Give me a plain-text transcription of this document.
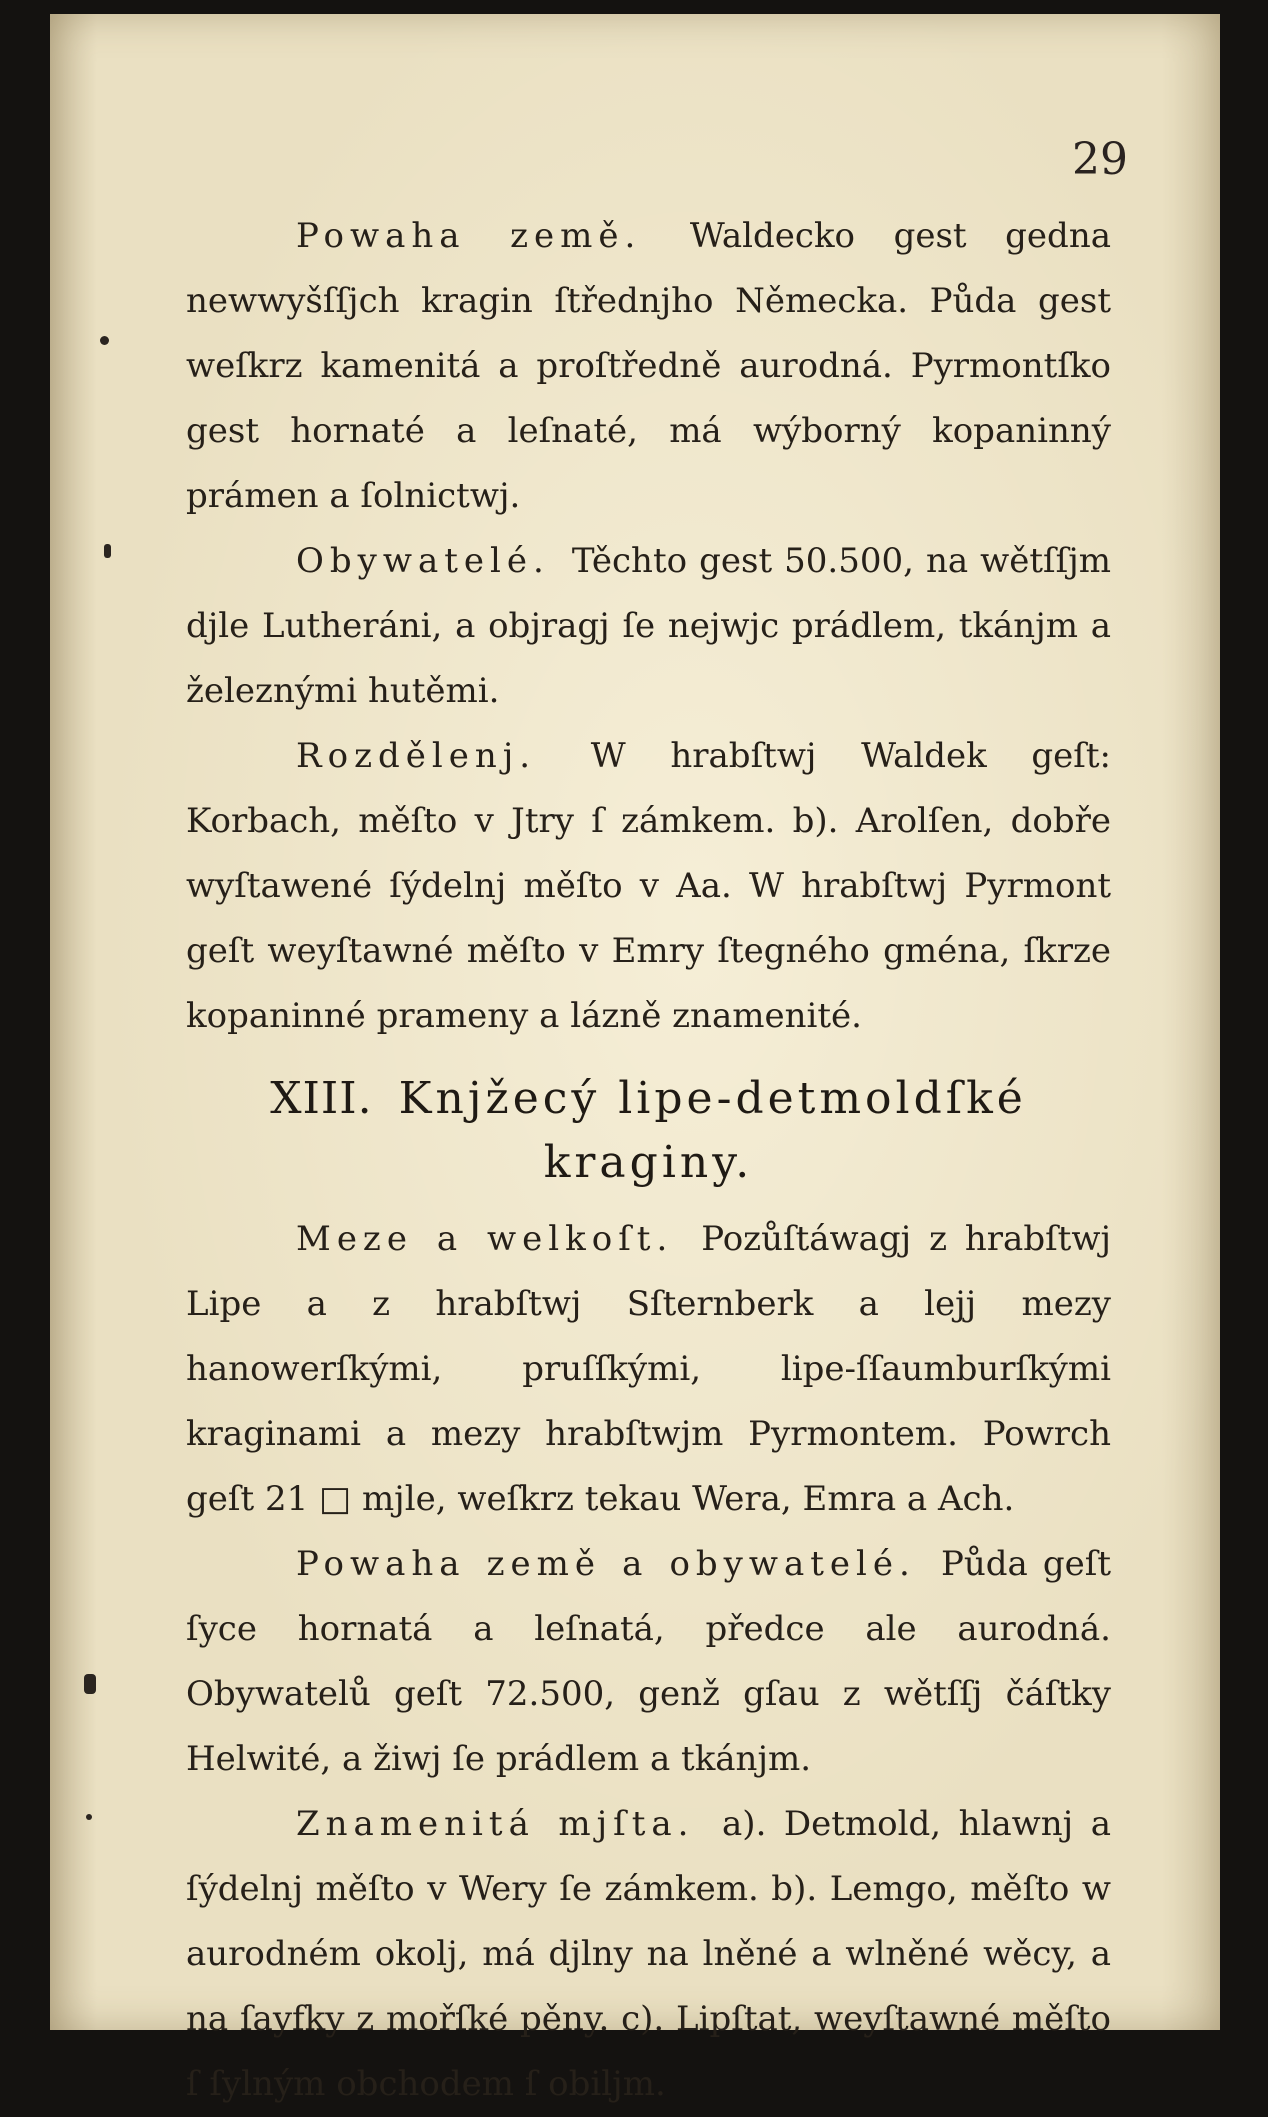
29

Powaha země. Waldecko gest gedna newwyšſſjch kragin ſtřednjho Německa. Půda gest weſkrz kamenitá a proſtředně aurodná. Pyrmontſko gest hornaté a leſnaté, má wýborný kopaninný prámen a ſolnictwj.

Obywatelé. Těchto gest 50.500, na wětſſjm djle Lutheráni, a objragj ſe nejwjc prádlem, tkánjm a železnými hutěmi.

Rozdělenj. W hrabſtwj Waldek geſt: Korbach, měſto v Jtry ſ zámkem. b). Arolſen, dobře wyſtawené ſýdelnj měſto v Aa. W hrabſtwj Pyrmont geſt weyſtawné měſto v Emry ſtegného gména, ſkrze kopaninné prameny a lázně znamenité.

XIII. Knjžecý lipe-detmoldſké kraginy.

Meze a welkoſt. Pozůſtáwagj z hrabſtwj Lipe a z hrabſtwj Sſternberk a lejj mezy hanowerſkými, pruſſkými, lipe-ſſaumburſkými kraginami a mezy hrabſtwjm Pyrmontem. Powrch geſt 21 □ mjle, weſkrz tekau Wera, Emra a Ach.

Powaha země a obywatelé. Půda geſt ſyce hornatá a leſnatá, předce ale aurodná. Obywatelů geſt 72.500, genž gſau z wětſſj čáſtky Helwité, a žiwj ſe prádlem a tkánjm.

Znamenitá mjſta. a). Detmold, hlawnj a ſýdelnj měſto v Wery ſe zámkem. b). Lemgo, měſto w aurodném okolj, má djlny na lněné a wlněné wěcy, a na ſayfky z mořſké pěny. c). Lipſtat, weyſtawné měſto ſ ſylným obchodem ſ obiljm.
